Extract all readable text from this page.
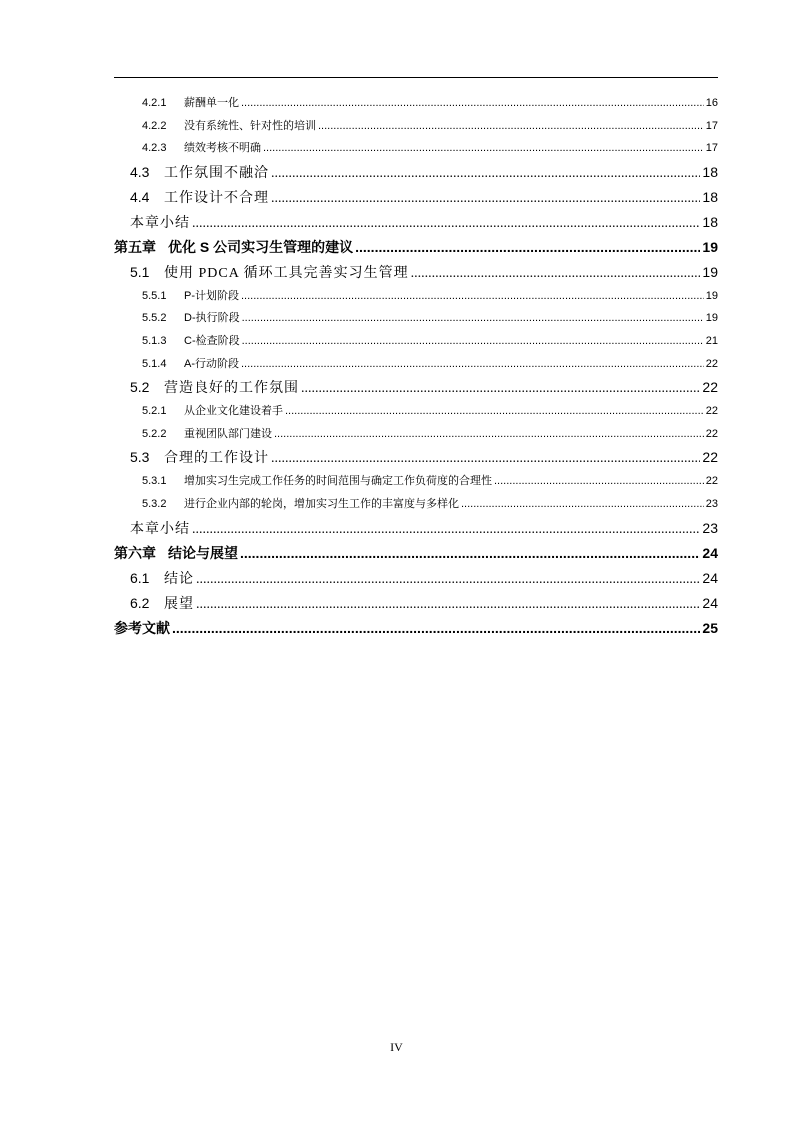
4.2.1	薪酬单一化 .....	16
4.2.2	没有系统性、针对性的培训 .....	17
4.2.3	绩效考核不明确 .....	17
4.3	工作氛围不融洽 .....	18
4.4	工作设计不合理 .....	18
本章小结 .....	18
第五章 优化 S 公司实习生管理的建议 .....	19
5.1	使用 PDCA 循环工具完善实习生管理 .....	19
5.5.1	P-计划阶段 .....	19
5.5.2	D-执行阶段 .....	19
5.1.3	C-检查阶段 .....	21
5.1.4	A-行动阶段 .....	22
5.2	营造良好的工作氛围 .....	22
5.2.1	从企业文化建设着手 .....	22
5.2.2	重视团队部门建设 .....	22
5.3	合理的工作设计 .....	22
5.3.1	增加实习生完成工作任务的时间范围与确定工作负荷度的合理性 .....	22
5.3.2	进行企业内部的轮岗，增加实习生工作的丰富度与多样化 .....	23
本章小结 .....	23
第六章 结论与展望 .....	24
6.1	结论 .....	24
6.2	展望 .....	24
参考文献 .....	25
IV
